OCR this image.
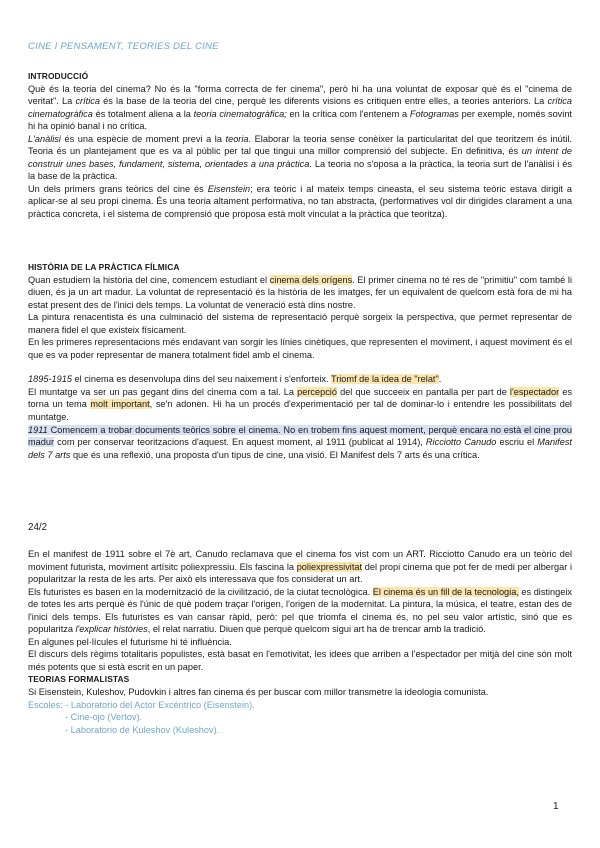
CINE I PENSAMENT, TEORIES DEL CINE

INTRODUCCIÓ

Què és la teoria del cinema? No és la "forma correcta de fer cinema", però hi ha una voluntat de exposar què és el "cinema de veritat". La crítica és la base de la teoria del cine, perquè les diferents visions es critiquen entre elles, a teories anteriors. La crítica cinematogràfica és totalment aliena a la teoria cinematogràfica; en la crítica com l'entenem a Fotogramas per exemple, només sovint hi ha opinió banal i no crítica.

L'anàlisi és una espècie de moment previ a la teoria. Elaborar la teoria sense conèixer la particularitat del que teoritzem és inútil. Teoria és un plantejament que es va al públic per tal que tingui una millor comprensió del subjecte. En definitiva, és un intent de construir unes bases, fundament, sistema, orientades a una pràctica. La teoria no s'oposa a la pràctica, la teoria surt de l'anàlisi i és la base de la pràctica.

Un dels primers grans teòrics del cine és Eisenstein; era teòric i al mateix temps cineasta, el seu sistema teòric estava dirigit a aplicar-se al seu propi cinema. És una teoria altament performativa, no tan abstracta, (performatives vol dir dirigides clarament a una pràctica concreta, i el sistema de comprensió que proposa està molt vinculat a la pràctica que teoritza).

HISTÒRIA DE LA PRÀCTICA FÍLMICA

Quan estudiem la història del cine, comencem estudiant el cinema dels orígens. El primer cinema no té res de "primitiu" com també li diuen, és ja un art madur. La voluntat de representació és la història de les imatges, fer un equivalent de quelcom està fora de mi ha estat present des de l'inici dels temps. La voluntat de veneració està dins nostre.

La pintura renacentista és una culminació del sistema de representació perquè sorgeix la perspectiva, que permet representar de manera fidel el que existeix físicament.

En les primeres representacions més endavant van sorgir les línies cinètiques, que representen el moviment, i aquest moviment és el que es va poder representar de manera totalment fidel amb el cinema.

1895-1915 el cinema es desenvolupa dins del seu naixement i s'enforteix. Triomf de la idea de "relat".

El muntatge va ser un pas gegant dins del cinema com a tal. La percepció del que succeeix en pantalla per part de l'espectador es torna un tema molt important, se'n adonen. Hi ha un procés d'experimentació per tal de dominar-lo i entendre les possibilitats del muntatge.

1911 Comencem a trobar documents teòrics sobre el cinema. No en trobem fins aquest moment, perquè encara no està el cine prou madur com per conservar teoritzacions d'aquest. En aquest moment, al 1911 (publicat al 1914), Ricciotto Canudo escriu el Manifest dels 7 arts que és una reflexió, una proposta d'un tipus de cine, una visió. El Manifest dels 7 arts és una crítica.

24/2

En el manifest de 1911 sobre el 7è art, Canudo reclamava que el cinema fos vist com un ART. Ricciotto Canudo era un teòric del moviment futurista, moviment artísitc poliexpressiu. Els fascina la poliexpressivitat del propi cinema que pot fer de medi per albergar i popularitzar la resta de les arts. Per això els interessava que fos considerat un art.

Els futuristes es basen en la modernització de la civilització, de la ciutat tecnològica. El cinema és un fill de la tecnologia, es distingeix de totes les arts perquè és l'únic de què podem traçar l'origen, l'origen de la modernitat. La pintura, la música, el teatre, estan des de l'inici dels temps. Els futuristes es van cansar ràpid, però: pel que triomfa el cinema és, no pel seu valor artístic, sinó que es popularitza l'explicar històries, el relat narratiu. Diuen que perquè quelcom sigui art ha de trencar amb la tradició.

En algunes pel·lícules el futurisme hi té influència.

El discurs dels règims totalitaris populistes, està basat en l'emotivitat, les idees que arriben a l'espectador per mitjà del cine són molt més potents que si està escrit en un paper.

TEORIAS FORMALISTAS

Si Eisenstein, Kuleshov, Pudovkin i altres fan cinema és per buscar com millor transmetre la ideologia comunista.

Escoles: - Laboratorio del Actor Excéntrico (Eisenstein).

- Cine-ojo (Vertov).

- Laboratorio de Kuleshov (Kuleshov).

1
